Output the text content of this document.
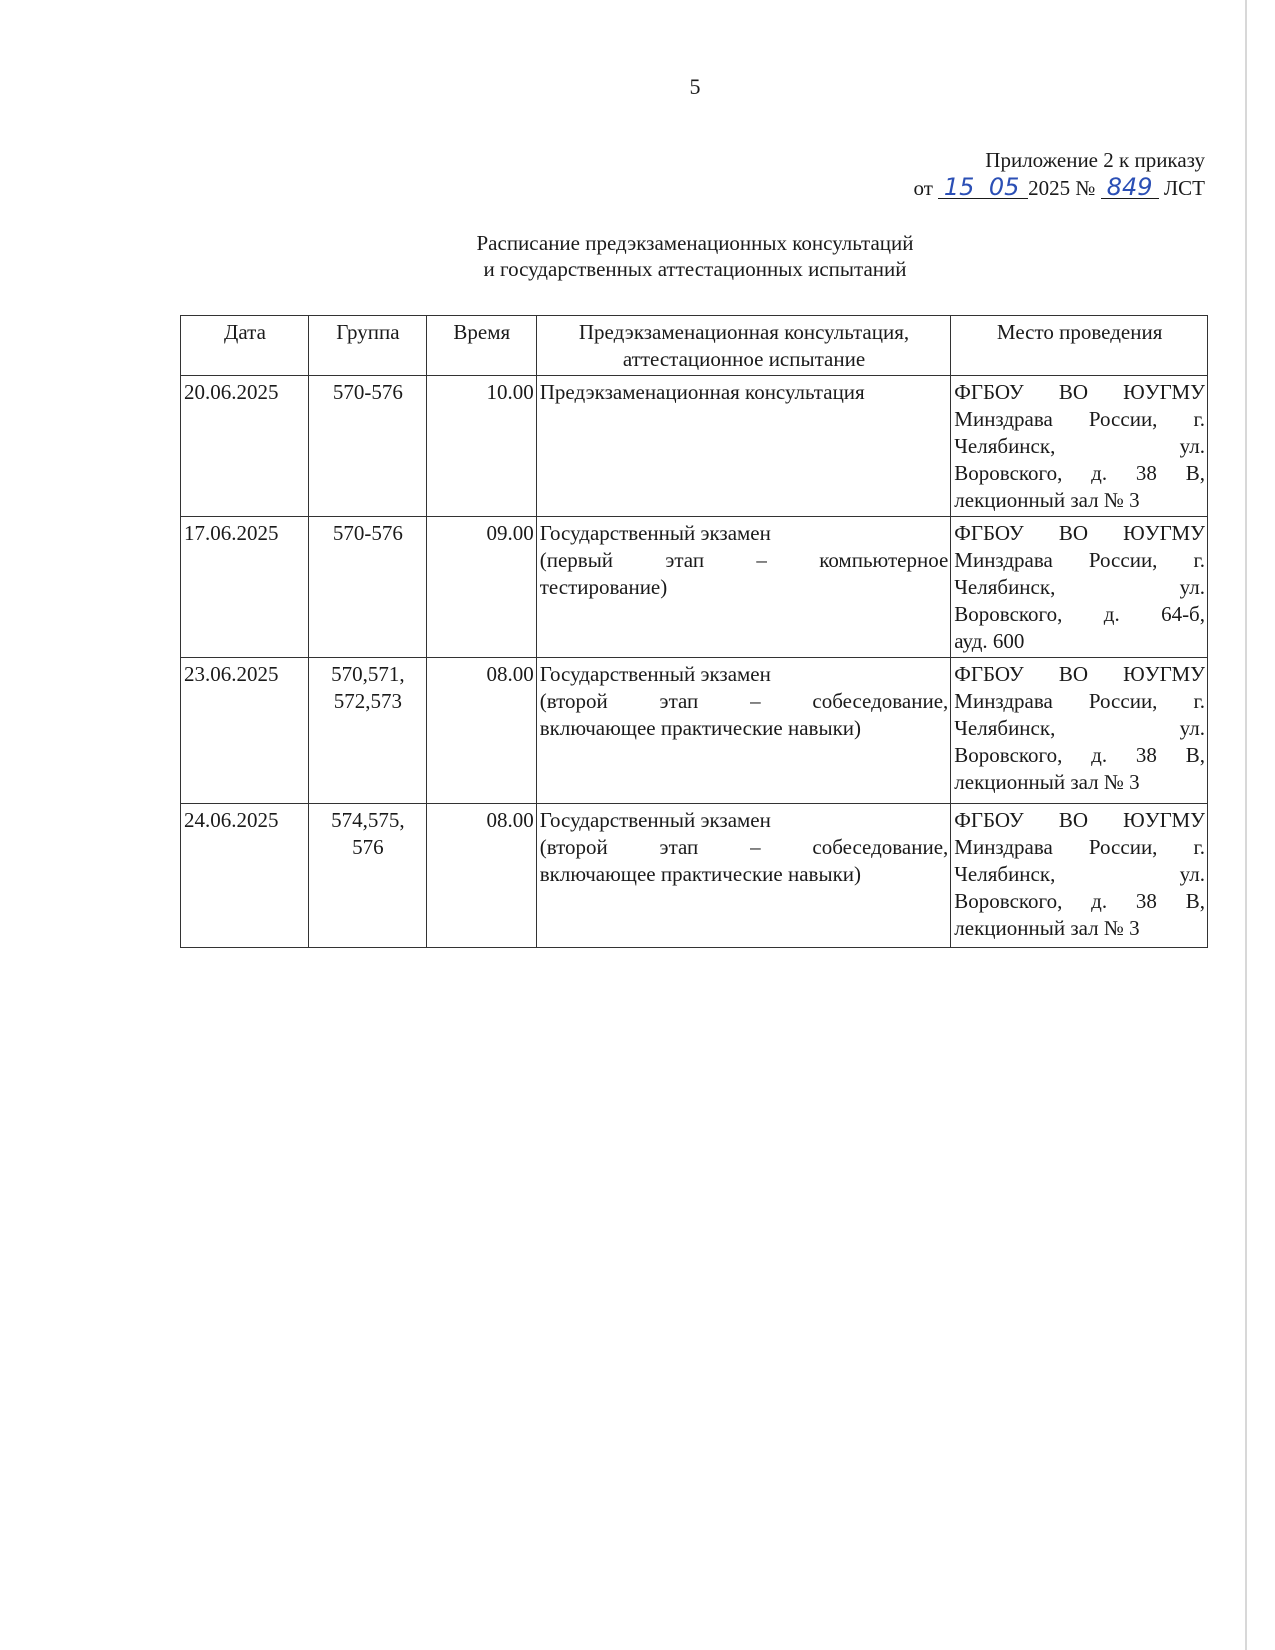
5
Приложение 2 к приказу
от 15 05 2025 № 849 ЛСТ
Расписание предэкзаменационных консультаций
и государственных аттестационных испытаний
Дата	Группа	Время	Предэкзаменационная консультация,
аттестационное испытание	Место проведения
20.06.2025	570-576	10.00	Предэкзаменационная консультация	ФГБОУ ВО ЮУГМУ
Минздрава России, г.
Челябинск, ул.
Воровского, д. 38 В,
лекционный зал № 3

17.06.2025	570-576	09.00	Государственный экзамен
(первый этап – компьютерное
тестирование)	ФГБОУ ВО ЮУГМУ
Минздрава России, г.
Челябинск, ул.
Воровского, д. 64-б,
ауд. 600

23.06.2025	570,571,
572,573	08.00	Государственный экзамен
(второй этап – собеседование,
включающее практические навыки)	ФГБОУ ВО ЮУГМУ
Минздрава России, г.
Челябинск, ул.
Воровского, д. 38 В,
лекционный зал № 3

24.06.2025	574,575,
576	08.00	Государственный экзамен
(второй этап – собеседование,
включающее практические навыки)	ФГБОУ ВО ЮУГМУ
Минздрава России, г.
Челябинск, ул.
Воровского, д. 38 В,
лекционный зал № 3
